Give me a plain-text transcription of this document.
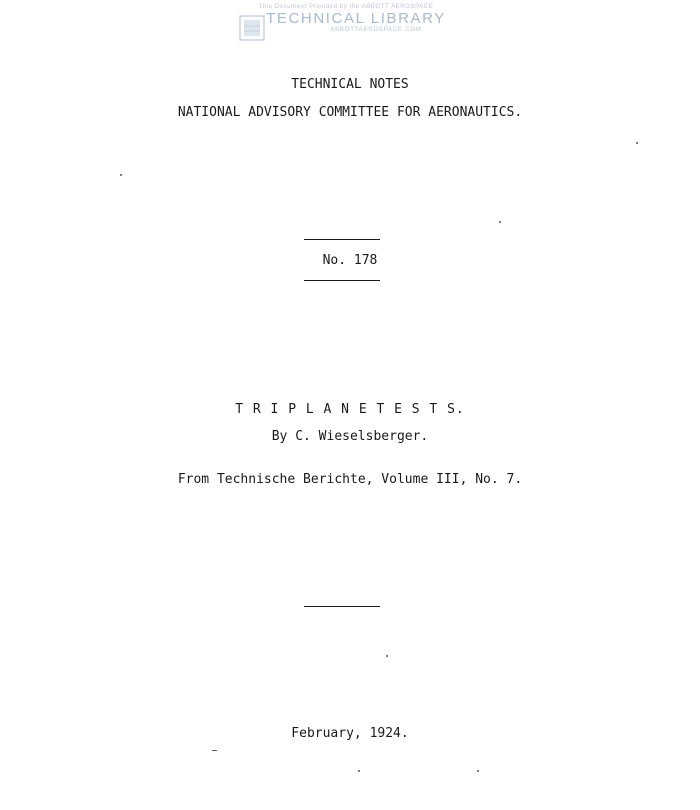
This Document Provided by the ABBOTT AEROSPACE
TECHNICAL LIBRARY
ABBOTTAEROSPACE.COM
TECHNICAL NOTES
NATIONAL ADVISORY COMMITTEE FOR AERONAUTICS.
No. 178
T R I P L A N E T E S T S.
By C. Wieselsberger.
From Technische Berichte, Volume III, No. 7.
February, 1924.
